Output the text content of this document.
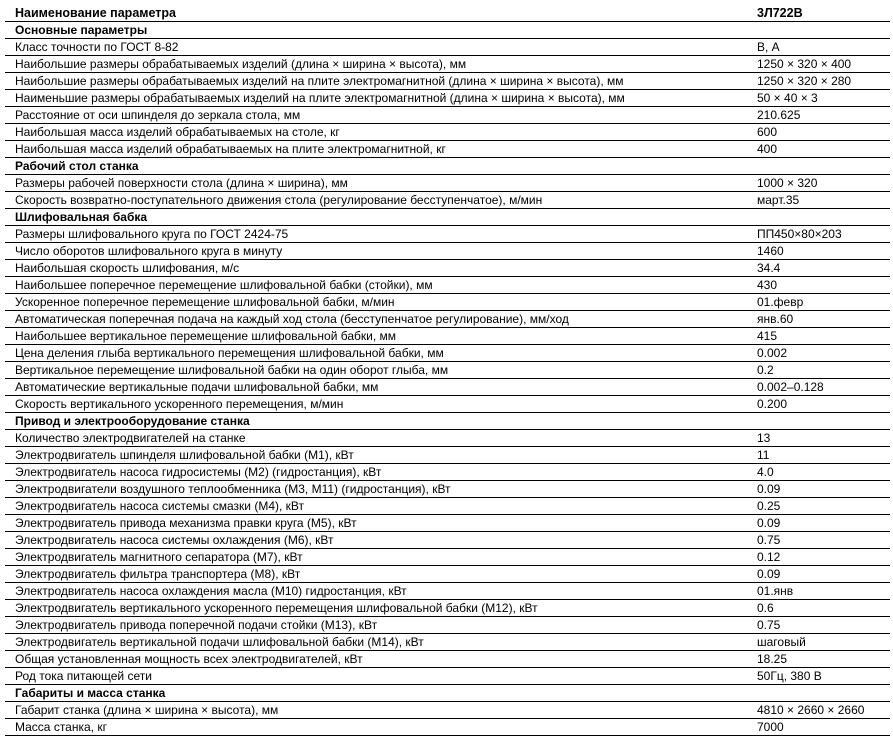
Наименование параметра	3Л722В
Основные параметры	
Класс точности по ГОСТ 8-82	В, А
Наибольшие размеры обрабатываемых изделий (длина × ширина × высота), мм	1250 × 320 × 400
Наибольшие размеры обрабатываемых изделий на плите электромагнитной (длина × ширина × высота), мм	1250 × 320 × 280
Наименьшие размеры обрабатываемых изделий на плите электромагнитной (длина × ширина × высота), мм	50 × 40 × 3
Расстояние от оси шпинделя до зеркала стола, мм	210.625
Наибольшая масса изделий обрабатываемых на столе, кг	600
Наибольшая масса изделий обрабатываемых на плите электромагнитной, кг	400
Рабочий стол станка	
Размеры рабочей поверхности стола (длина × ширина), мм	1000 × 320
Скорость возвратно-поступательного движения стола (регулирование бесступенчатое), м/мин	март.35
Шлифовальная бабка	
Размеры шлифовального круга по ГОСТ 2424-75	ПП450×80×203
Число оборотов шлифовального круга в минуту	1460
Наибольшая скорость шлифования, м/с	34.4
Наибольшее поперечное перемещение шлифовальной бабки (стойки), мм	430
Ускоренное поперечное перемещение шлифовальной бабки, м/мин	01.февр
Автоматическая поперечная подача на каждый ход стола (бесступенчатое регулирование), мм/ход	янв.60
Наибольшее вертикальное перемещение шлифовальной бабки, мм	415
Цена деления глыба вертикального перемещения шлифовальной бабки, мм	0.002
Вертикальное перемещение шлифовальной бабки на один оборот глыба, мм	0.2
Автоматические вертикальные подачи шлифовальной бабки, мм	0.002–0.128
Скорость вертикального ускоренного перемещения, м/мин	0.200
Привод и электрооборудование станка	
Количество электродвигателей на станке	13
Электродвигатель шпинделя шлифовальной бабки (М1), кВт	11
Электродвигатель насоса гидросистемы (М2) (гидростанция), кВт	4.0
Электродвигатели воздушного теплообменника (М3, М11) (гидростанция), кВт	0.09
Электродвигатель насоса системы смазки (М4), кВт	0.25
Электродвигатель привода механизма правки круга (М5), кВт	0.09
Электродвигатель насоса системы охлаждения (М6), кВт	0.75
Электродвигатель магнитного сепаратора (М7), кВт	0.12
Электродвигатель фильтра транспортера (М8), кВт	0.09
Электродвигатель насоса охлаждения масла (М10) гидростанция, кВт	01.янв
Электродвигатель вертикального ускоренного перемещения шлифовальной бабки (М12), кВт	0.6
Электродвигатель привода поперечной подачи стойки (М13), кВт	0.75
Электродвигатель вертикальной подачи шлифовальной бабки (М14), кВт	шаговый
Общая установленная мощность всех электродвигателей, кВт	18.25
Род тока питающей сети	50Гц, 380 В
Габариты и масса станка	
Габарит станка (длина × ширина × высота), мм	4810 × 2660 × 2660
Масса станка, кг	7000
